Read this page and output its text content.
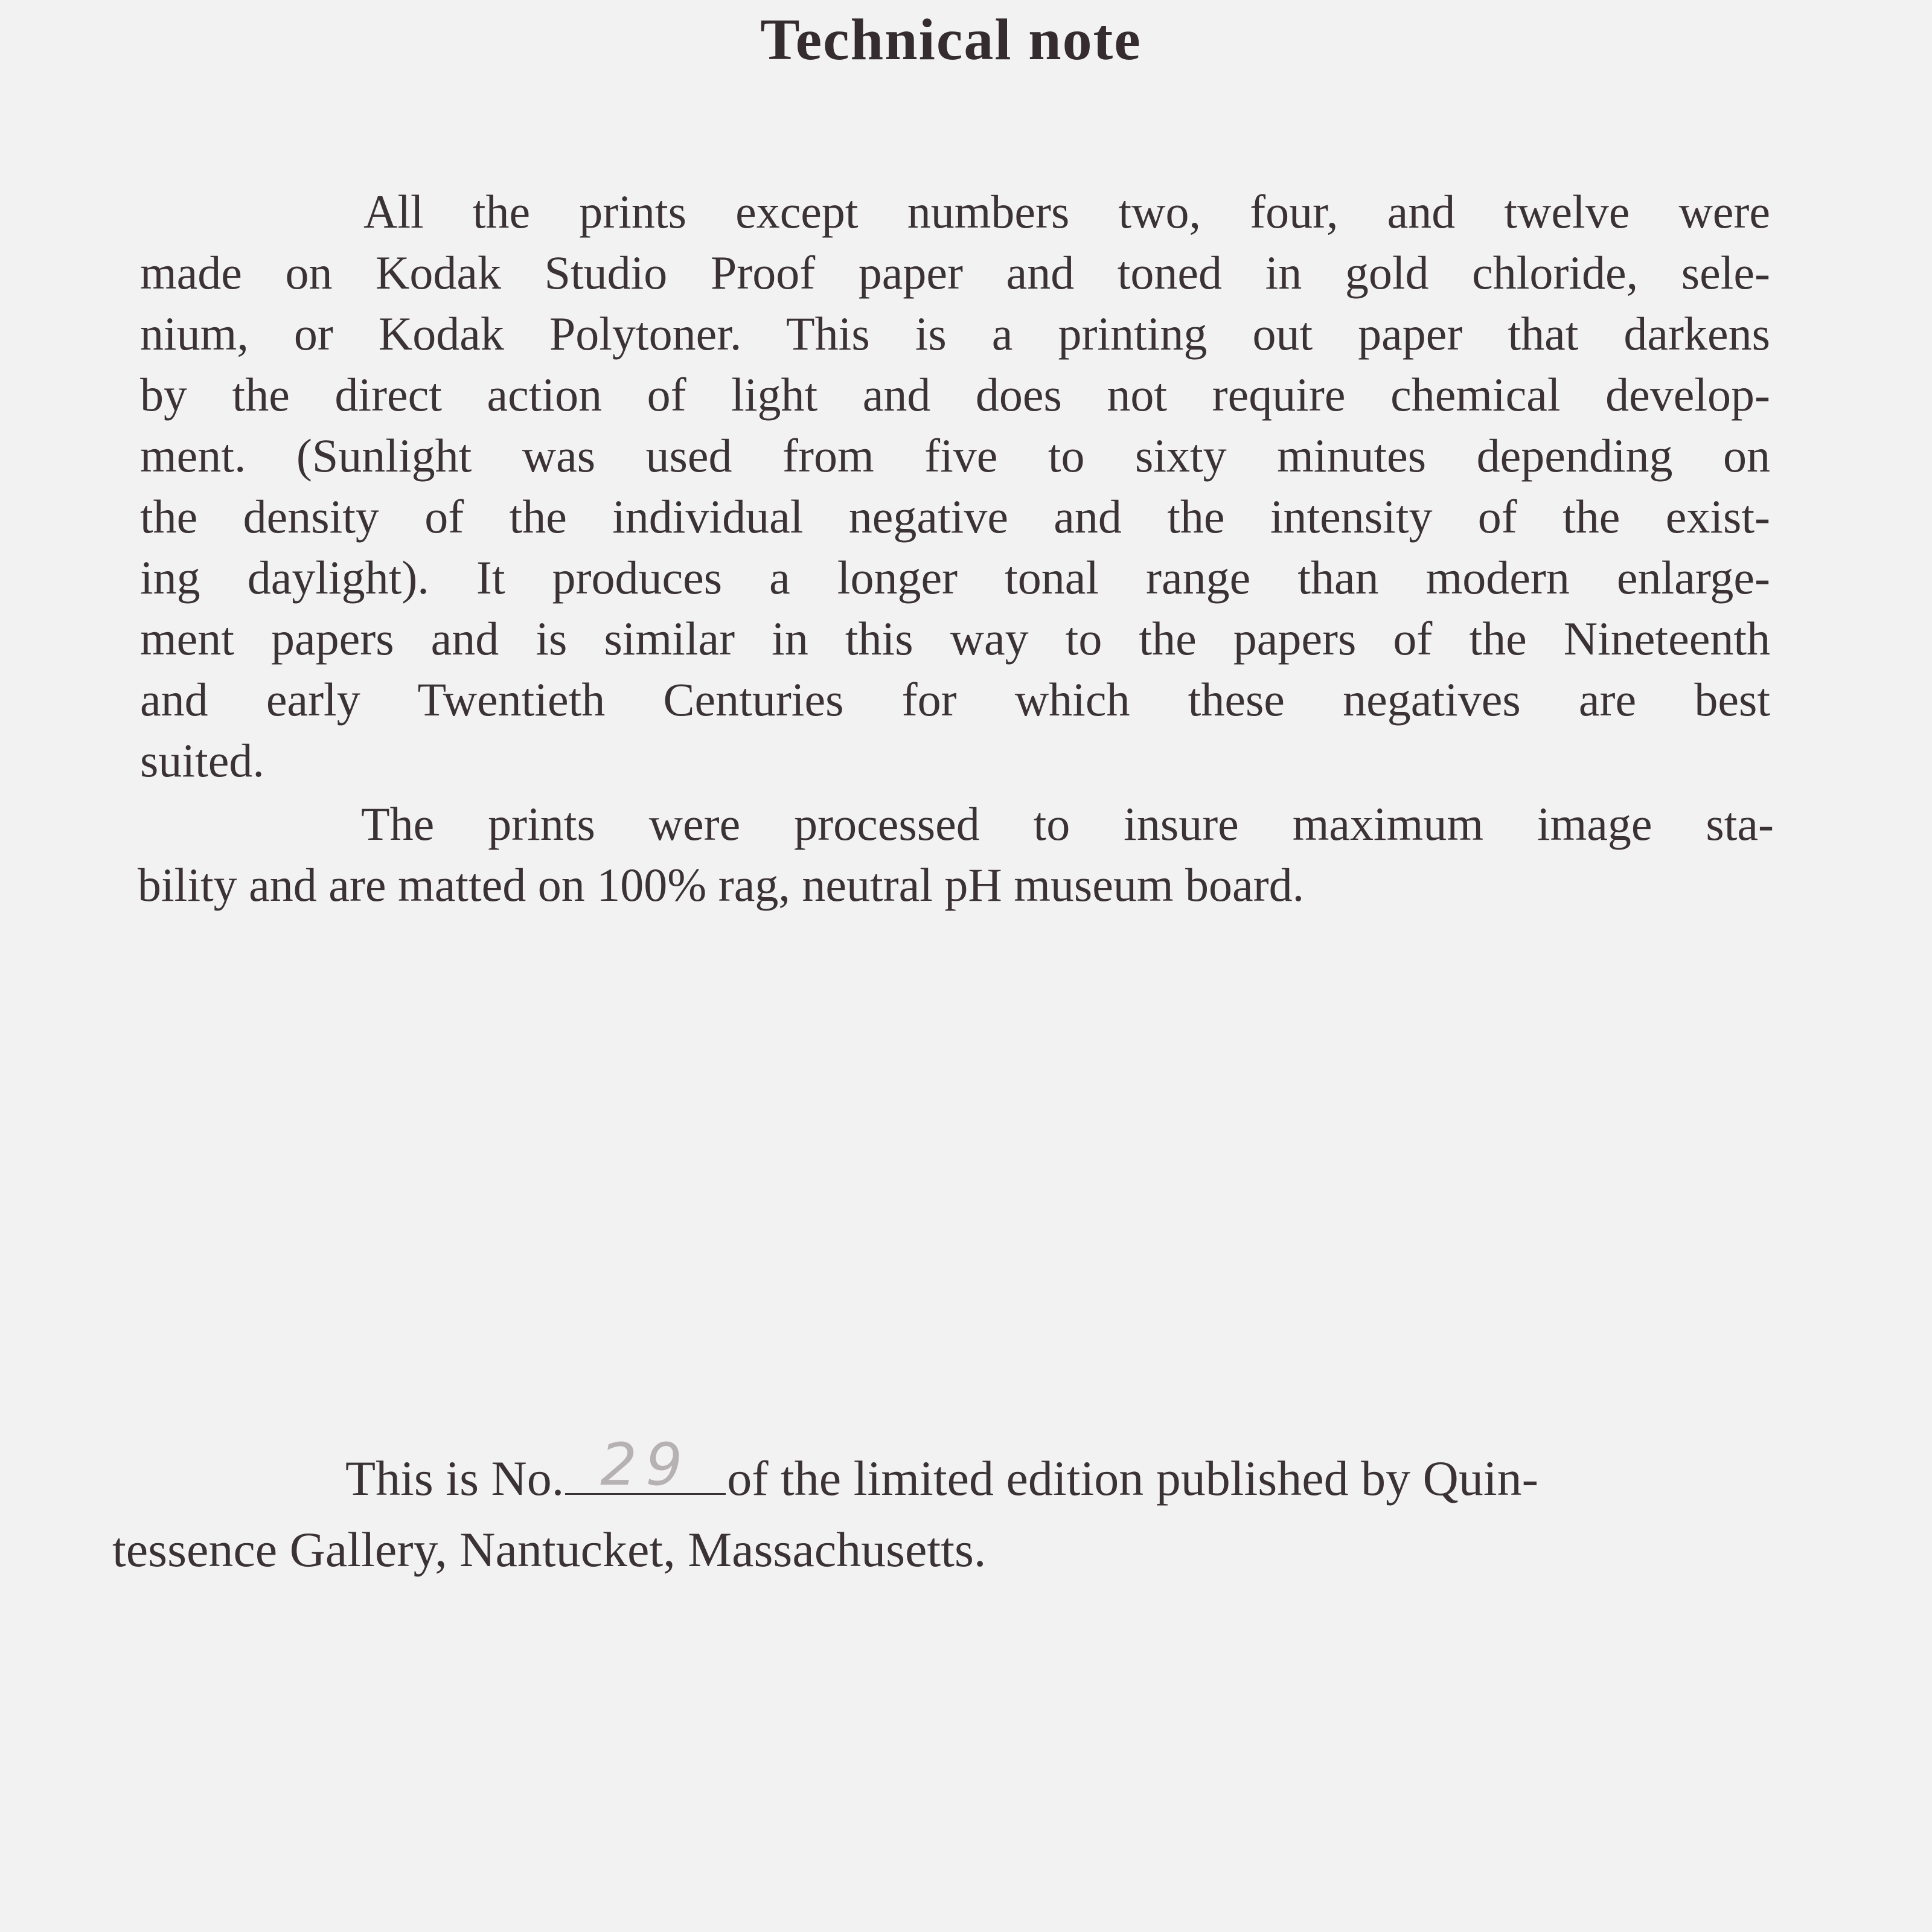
Technical note
All the prints except numbers two, four, and twelve were
made on Kodak Studio Proof paper and toned in gold chloride, sele-
nium, or Kodak Polytoner. This is a printing out paper that darkens
by the direct action of light and does not require chemical develop-
ment. (Sunlight was used from five to sixty minutes depending on
the density of the individual negative and the intensity of the exist-
ing daylight). It produces a longer tonal range than modern enlarge-
ment papers and is similar in this way to the papers of the Nineteenth
and early Twentieth Centuries for which these negatives are best
suited.
The prints were processed to insure maximum image sta-
bility and are matted on 100% rag, neutral pH museum board.
This is No. 29 of the limited edition published by Quin-
tessence Gallery, Nantucket, Massachusetts.
